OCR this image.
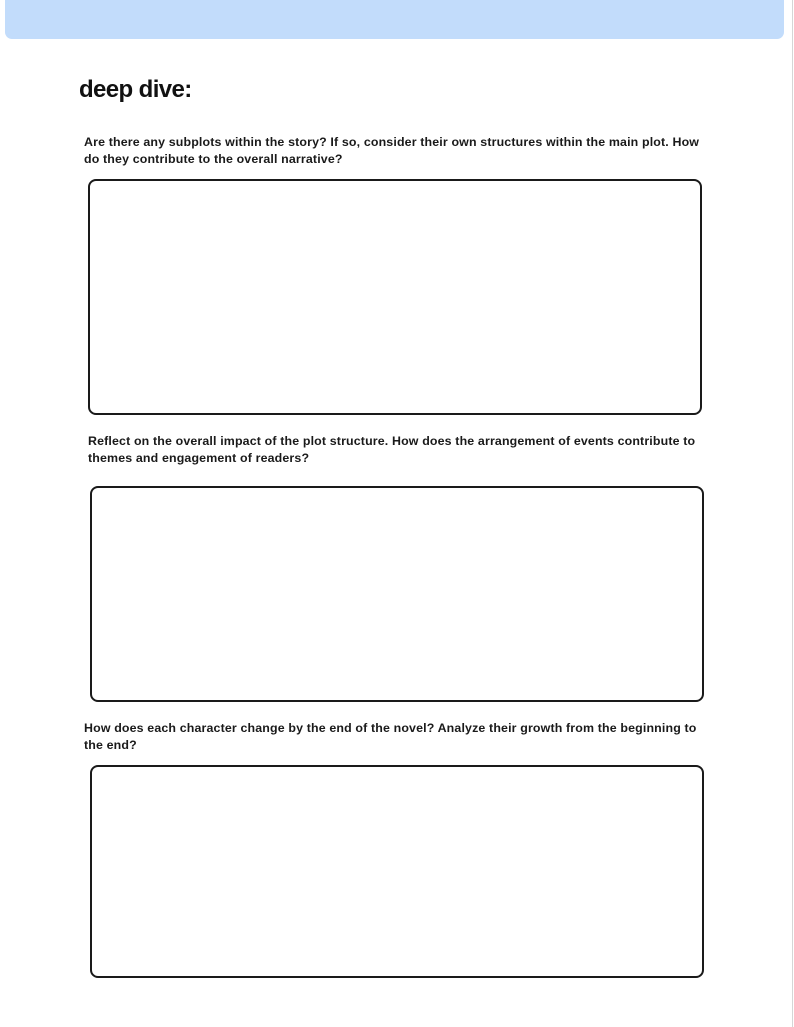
deep dive:

Are there any subplots within the story? If so, consider their own structures within the main plot. How do they contribute to the overall narrative?

Reflect on the overall impact of the plot structure. How does the arrangement of events contribute to themes and engagement of readers?

How does each character change by the end of the novel? Analyze their growth from the beginning to the end?
